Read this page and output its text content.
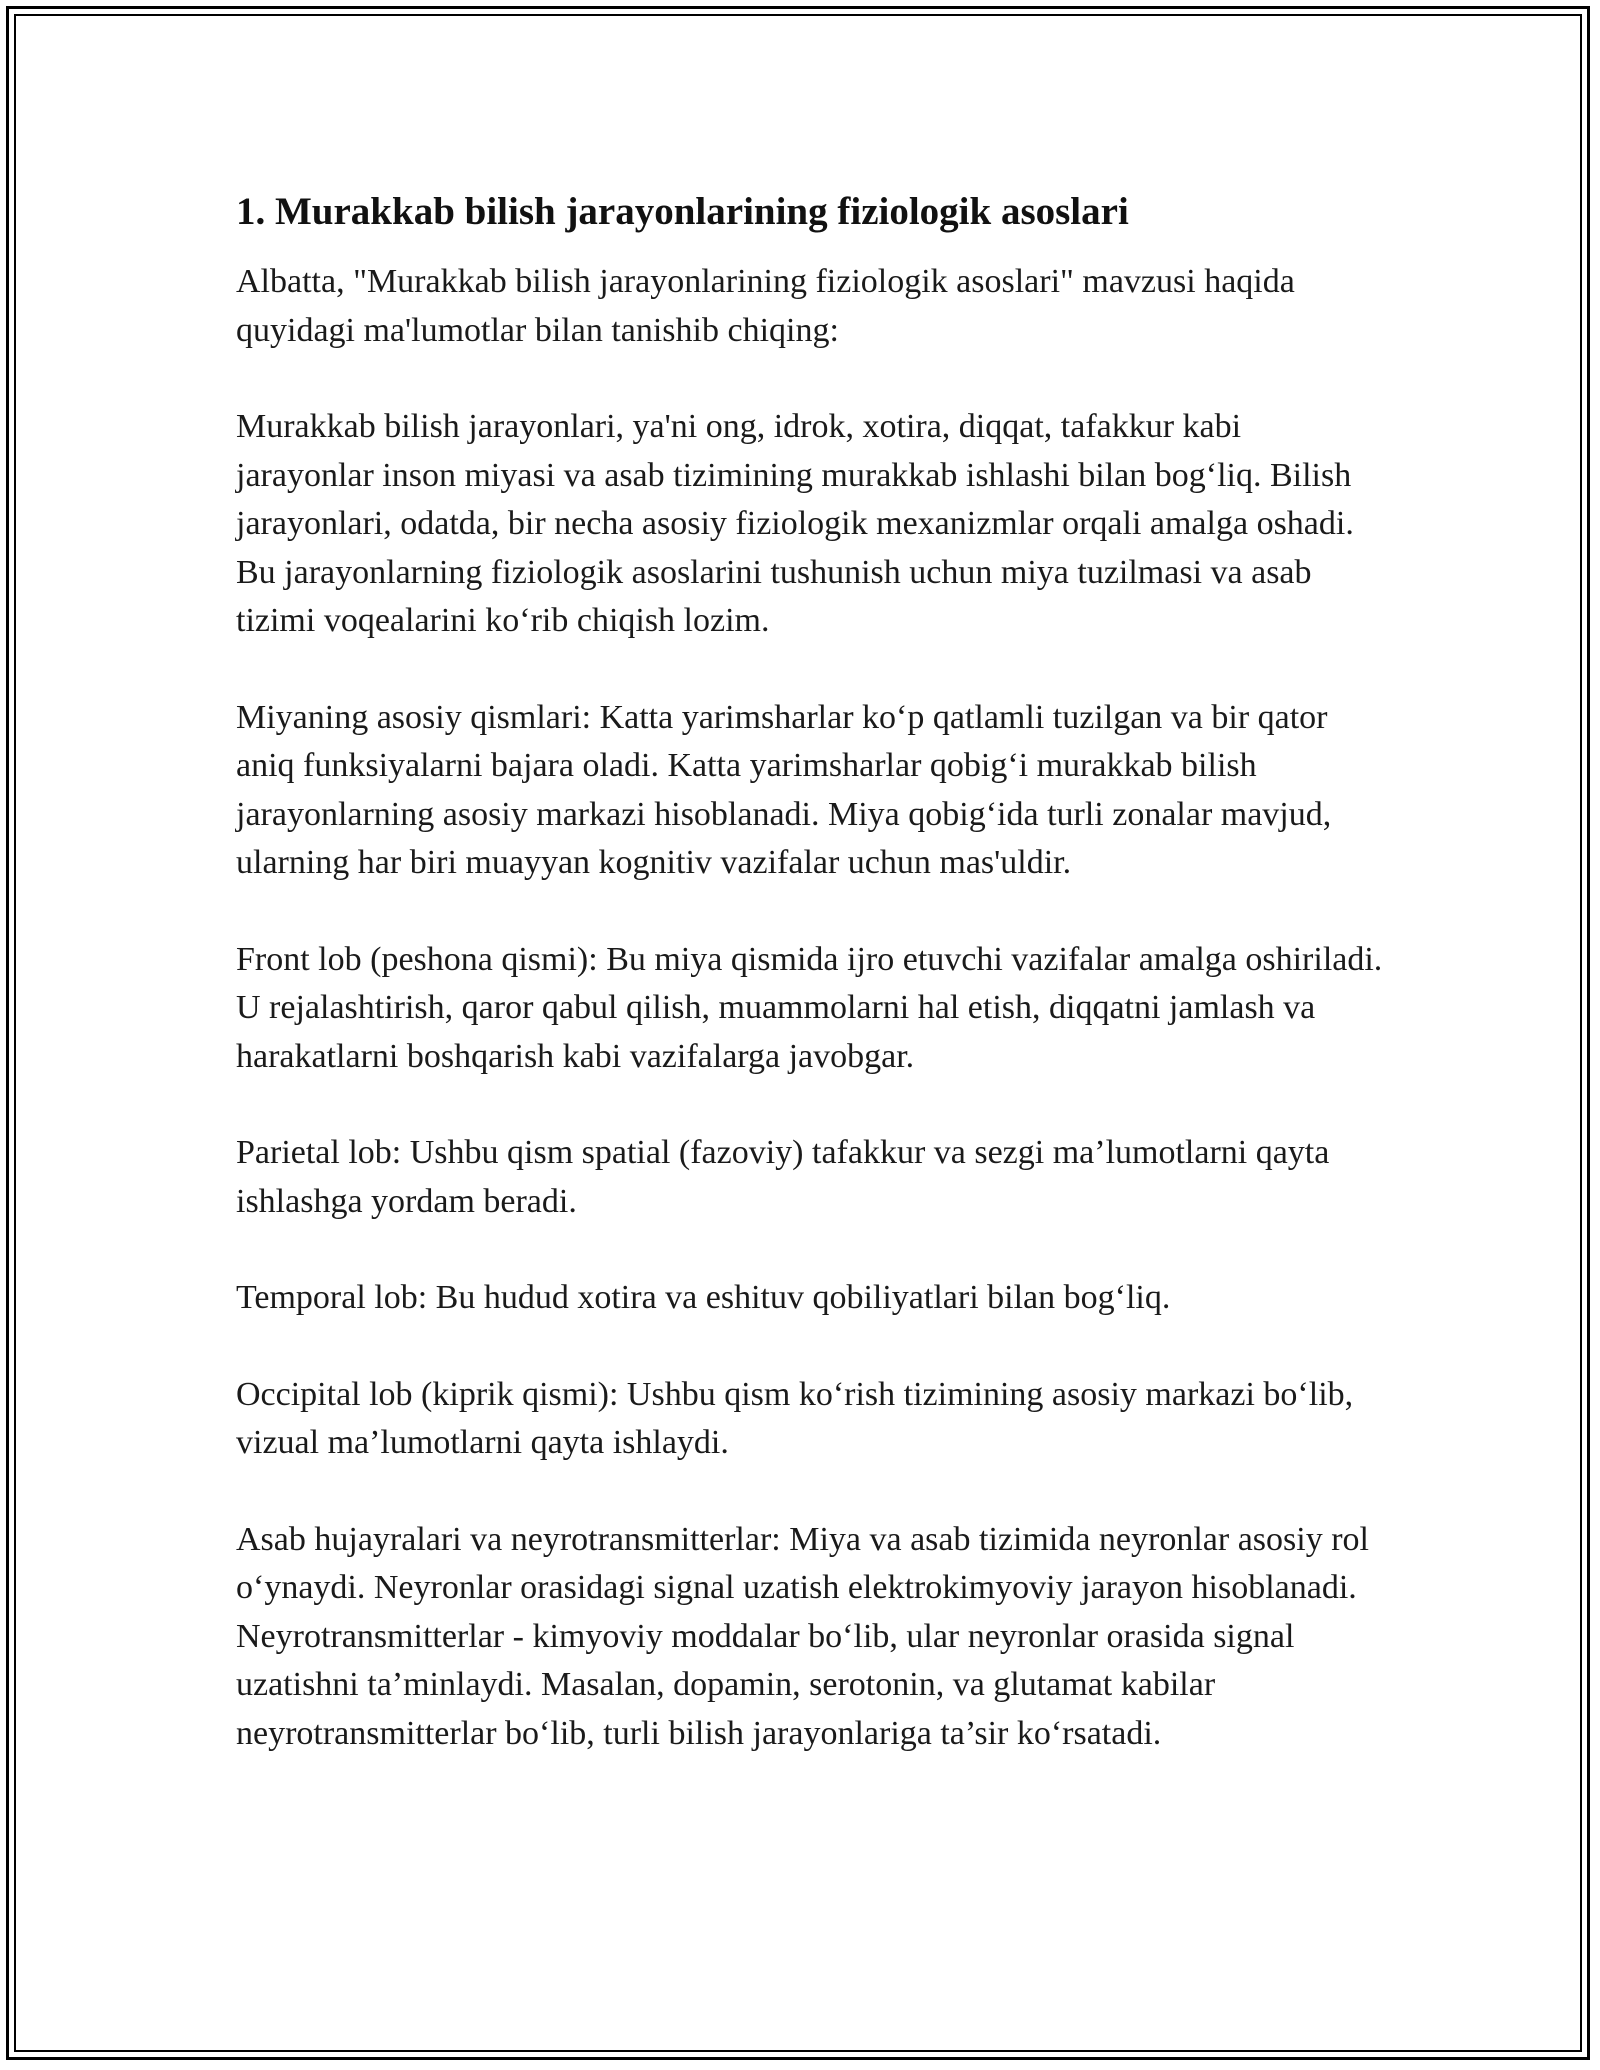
1. Murakkab bilish jarayonlarining fiziologik asoslari

Albatta, "Murakkab bilish jarayonlarining fiziologik asoslari" mavzusi haqida quyidagi ma'lumotlar bilan tanishib chiqing:

Murakkab bilish jarayonlari, ya'ni ong, idrok, xotira, diqqat, tafakkur kabi jarayonlar inson miyasi va asab tizimining murakkab ishlashi bilan bog‘liq. Bilish jarayonlari, odatda, bir necha asosiy fiziologik mexanizmlar orqali amalga oshadi. Bu jarayonlarning fiziologik asoslarini tushunish uchun miya tuzilmasi va asab tizimi voqealarini ko‘rib chiqish lozim.

Miyaning asosiy qismlari: Katta yarimsharlar ko‘p qatlamli tuzilgan va bir qator aniq funksiyalarni bajara oladi. Katta yarimsharlar qobig‘i murakkab bilish jarayonlarning asosiy markazi hisoblanadi. Miya qobig‘ida turli zonalar mavjud, ularning har biri muayyan kognitiv vazifalar uchun mas'uldir.

Front lob (peshona qismi): Bu miya qismida ijro etuvchi vazifalar amalga oshiriladi. U rejalashtirish, qaror qabul qilish, muammolarni hal etish, diqqatni jamlash va harakatlarni boshqarish kabi vazifalarga javobgar.

Parietal lob: Ushbu qism spatial (fazoviy) tafakkur va sezgi ma’lumotlarni qayta ishlashga yordam beradi.

Temporal lob: Bu hudud xotira va eshituv qobiliyatlari bilan bog‘liq.

Occipital lob (kiprik qismi): Ushbu qism ko‘rish tizimining asosiy markazi bo‘lib, vizual ma’lumotlarni qayta ishlaydi.

Asab hujayralari va neyrotransmitterlar: Miya va asab tizimida neyronlar asosiy rol o‘ynaydi. Neyronlar orasidagi signal uzatish elektrokimyoviy jarayon hisoblanadi. Neyrotransmitterlar - kimyoviy moddalar bo‘lib, ular neyronlar orasida signal uzatishni ta’minlaydi. Masalan, dopamin, serotonin, va glutamat kabilar neyrotransmitterlar bo‘lib, turli bilish jarayonlariga ta’sir ko‘rsatadi.
